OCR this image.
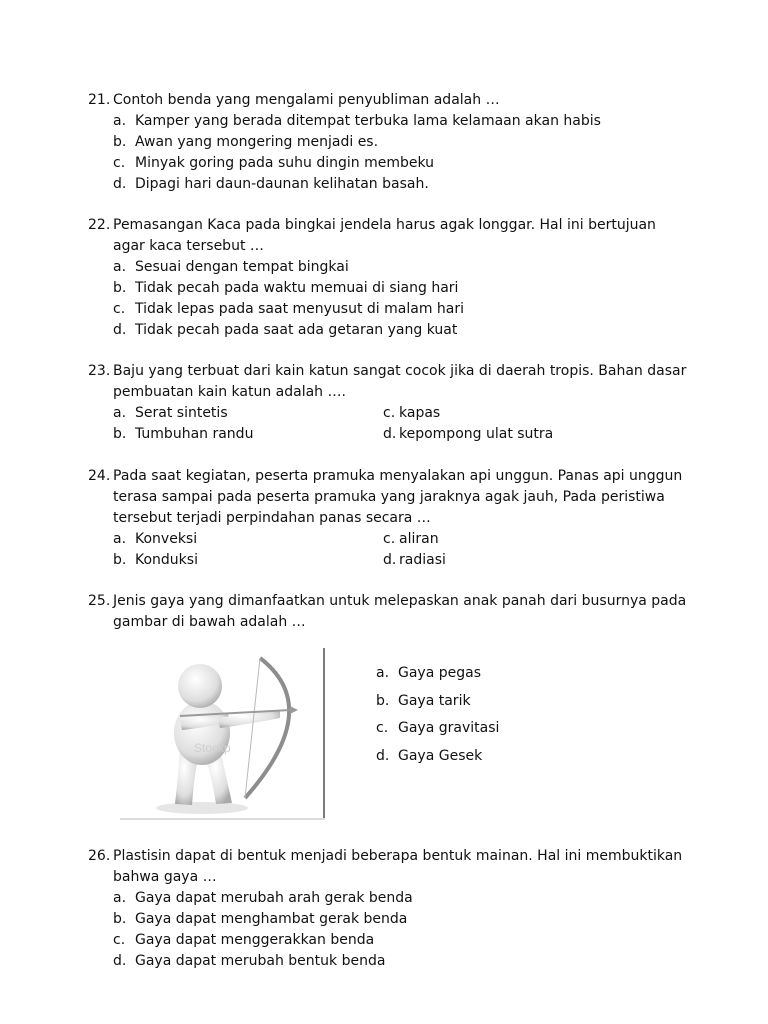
21. Contoh benda yang mengalami penyubliman adalah …
a. Kamper yang berada ditempat terbuka lama kelamaan akan habis
b. Awan yang mongering menjadi es.
c. Minyak goring pada suhu dingin membeku
d. Dipagi hari daun-daunan kelihatan basah.
22. Pemasangan Kaca pada bingkai jendela harus agak longgar. Hal ini bertujuan agar kaca tersebut …
a. Sesuai dengan tempat bingkai
b. Tidak pecah pada waktu memuai di siang hari
c. Tidak lepas pada saat menyusut di malam hari
d. Tidak pecah pada saat ada getaran yang kuat
23. Baju yang terbuat dari kain katun sangat cocok jika di daerah tropis. Bahan dasar pembuatan kain katun adalah ….
a. Serat sintetis	c. kapas
b. Tumbuhan randu	d. kepompong ulat sutra
24. Pada saat kegiatan, peserta pramuka menyalakan api unggun. Panas api unggun terasa sampai pada peserta pramuka yang jaraknya agak jauh, Pada peristiwa tersebut terjadi perpindahan panas secara …
a. Konveksi	c. aliran
b. Konduksi	d. radiasi
25. Jenis gaya yang dimanfaatkan untuk melepaskan anak panah dari busurnya pada gambar di bawah adalah …
Stockp
a. Gaya pegas
b. Gaya tarik
c. Gaya gravitasi
d. Gaya Gesek
26. Plastisin dapat di bentuk menjadi beberapa bentuk mainan. Hal ini membuktikan bahwa gaya …
a. Gaya dapat merubah arah gerak benda
b. Gaya dapat menghambat gerak benda
c. Gaya dapat menggerakkan benda
d. Gaya dapat merubah bentuk benda
